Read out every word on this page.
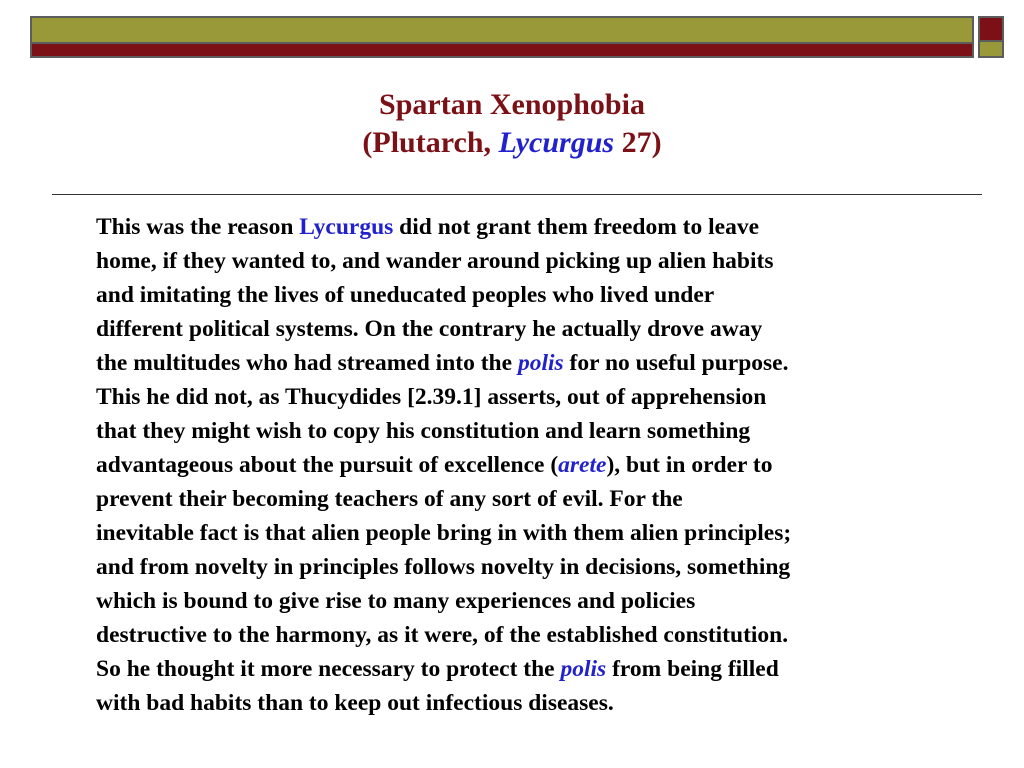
Spartan Xenophobia
(Plutarch, Lycurgus 27)
This was the reason Lycurgus did not grant them freedom to leave
home, if they wanted to, and wander around picking up alien habits
and imitating the lives of uneducated peoples who lived under
different political systems. On the contrary he actually drove away
the multitudes who had streamed into the polis for no useful purpose.
This he did not, as Thucydides [2.39.1] asserts, out of apprehension
that they might wish to copy his constitution and learn something
advantageous about the pursuit of excellence (arete), but in order to
prevent their becoming teachers of any sort of evil. For the
inevitable fact is that alien people bring in with them alien principles;
and from novelty in principles follows novelty in decisions, something
which is bound to give rise to many experiences and policies
destructive to the harmony, as it were, of the established constitution.
So he thought it more necessary to protect the polis from being filled
with bad habits than to keep out infectious diseases.
